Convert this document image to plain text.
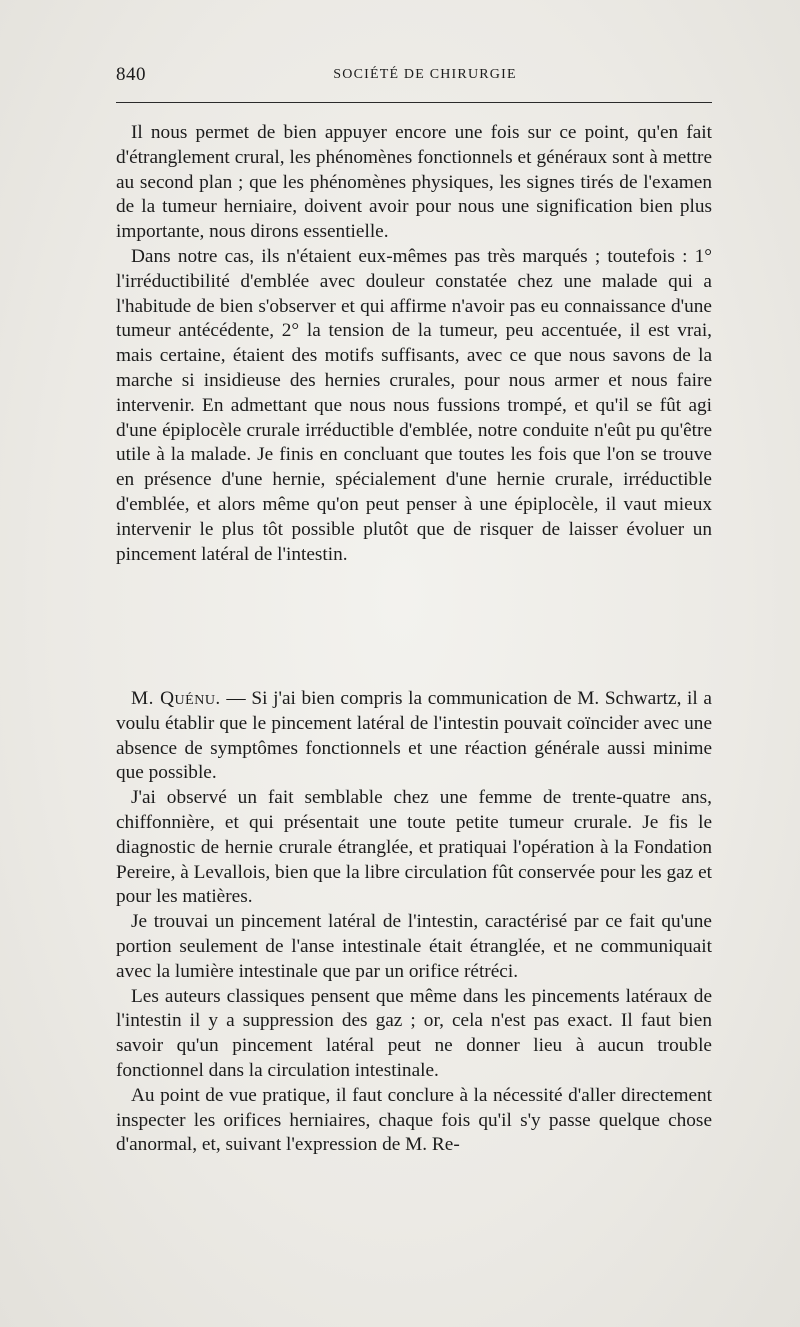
840	SOCIÉTÉ DE CHIRURGIE

Il nous permet de bien appuyer encore une fois sur ce point, qu'en fait d'étranglement crural, les phénomènes fonctionnels et généraux sont à mettre au second plan ; que les phénomènes physiques, les signes tirés de l'examen de la tumeur herniaire, doivent avoir pour nous une signification bien plus importante, nous dirons essentielle.

Dans notre cas, ils n'étaient eux-mêmes pas très marqués ; toutefois : 1° l'irréductibilité d'emblée avec douleur constatée chez une malade qui a l'habitude de bien s'observer et qui affirme n'avoir pas eu connaissance d'une tumeur antécédente, 2° la tension de la tumeur, peu accentuée, il est vrai, mais certaine, étaient des motifs suffisants, avec ce que nous savons de la marche si insidieuse des hernies crurales, pour nous armer et nous faire intervenir. En admettant que nous nous fussions trompé, et qu'il se fût agi d'une épiplocèle crurale irréductible d'emblée, notre conduite n'eût pu qu'être utile à la malade. Je finis en concluant que toutes les fois que l'on se trouve en présence d'une hernie, spécialement d'une hernie crurale, irréductible d'emblée, et alors même qu'on peut penser à une épiplocèle, il vaut mieux intervenir le plus tôt possible plutôt que de risquer de laisser évoluer un pincement latéral de l'intestin.

M. Quénu. — Si j'ai bien compris la communication de M. Schwartz, il a voulu établir que le pincement latéral de l'intestin pouvait coïncider avec une absence de symptômes fonctionnels et une réaction générale aussi minime que possible.

J'ai observé un fait semblable chez une femme de trente-quatre ans, chiffonnière, et qui présentait une toute petite tumeur crurale. Je fis le diagnostic de hernie crurale étranglée, et pratiquai l'opération à la Fondation Pereire, à Levallois, bien que la libre circulation fût conservée pour les gaz et pour les matières.

Je trouvai un pincement latéral de l'intestin, caractérisé par ce fait qu'une portion seulement de l'anse intestinale était étranglée, et ne communiquait avec la lumière intestinale que par un orifice rétréci.

Les auteurs classiques pensent que même dans les pincements latéraux de l'intestin il y a suppression des gaz ; or, cela n'est pas exact. Il faut bien savoir qu'un pincement latéral peut ne donner lieu à aucun trouble fonctionnel dans la circulation intestinale.

Au point de vue pratique, il faut conclure à la nécessité d'aller directement inspecter les orifices herniaires, chaque fois qu'il s'y passe quelque chose d'anormal, et, suivant l'expression de M. Re-
